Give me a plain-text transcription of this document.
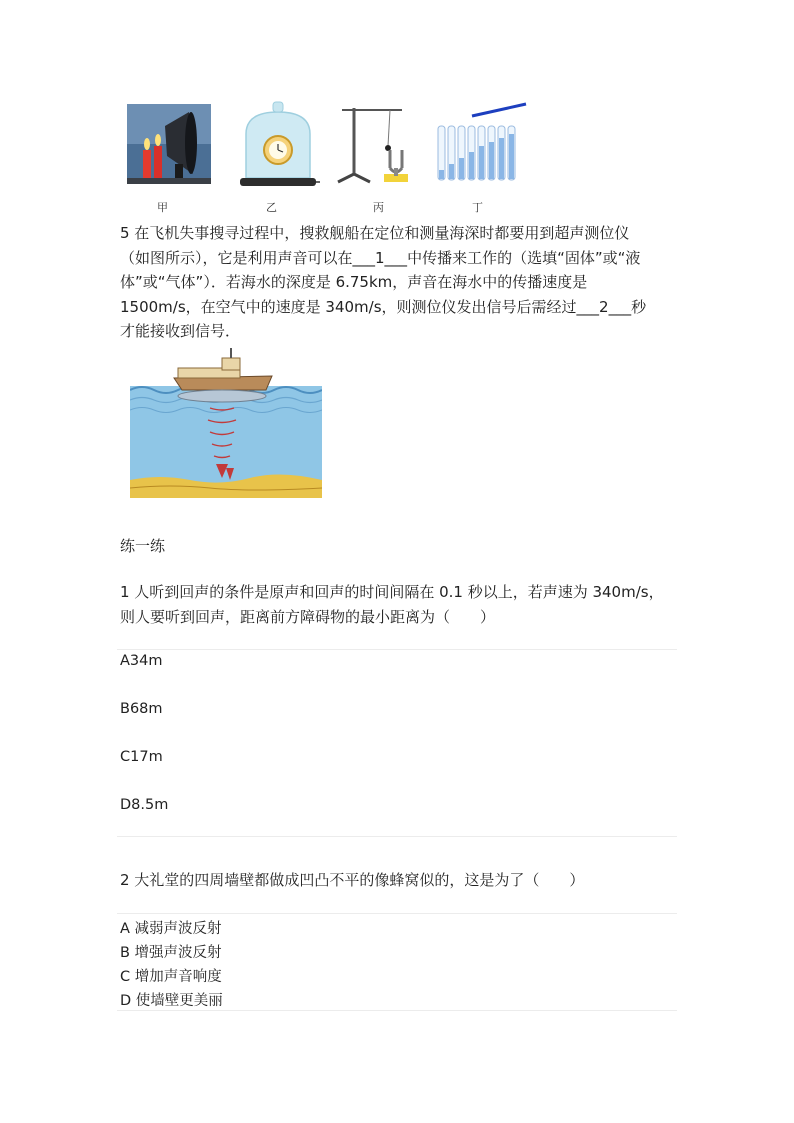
甲	乙	丙	丁
5 在飞机失事搜寻过程中，搜救舰船在定位和测量海深时都要用到超声测位仪
（如图所示），它是利用声音可以在___1___中传播来工作的（选填“固体”或“液
体”或“气体”）．若海水的深度是 6.75km，声音在海水中的传播速度是
1500m/s，在空气中的速度是 340m/s，则测位仪发出信号后需经过___2___秒
才能接收到信号．
练一练
1 人听到回声的条件是原声和回声的时间间隔在 0.1 秒以上，若声速为 340m/s，
则人要听到回声，距离前方障碍物的最小距离为（　　）
A34m
B68m
C17m
D8.5m
2 大礼堂的四周墙壁都做成凹凸不平的像蜂窝似的，这是为了（　　）
A 减弱声波反射
B 增强声波反射
C 增加声音响度
D 使墙壁更美丽
